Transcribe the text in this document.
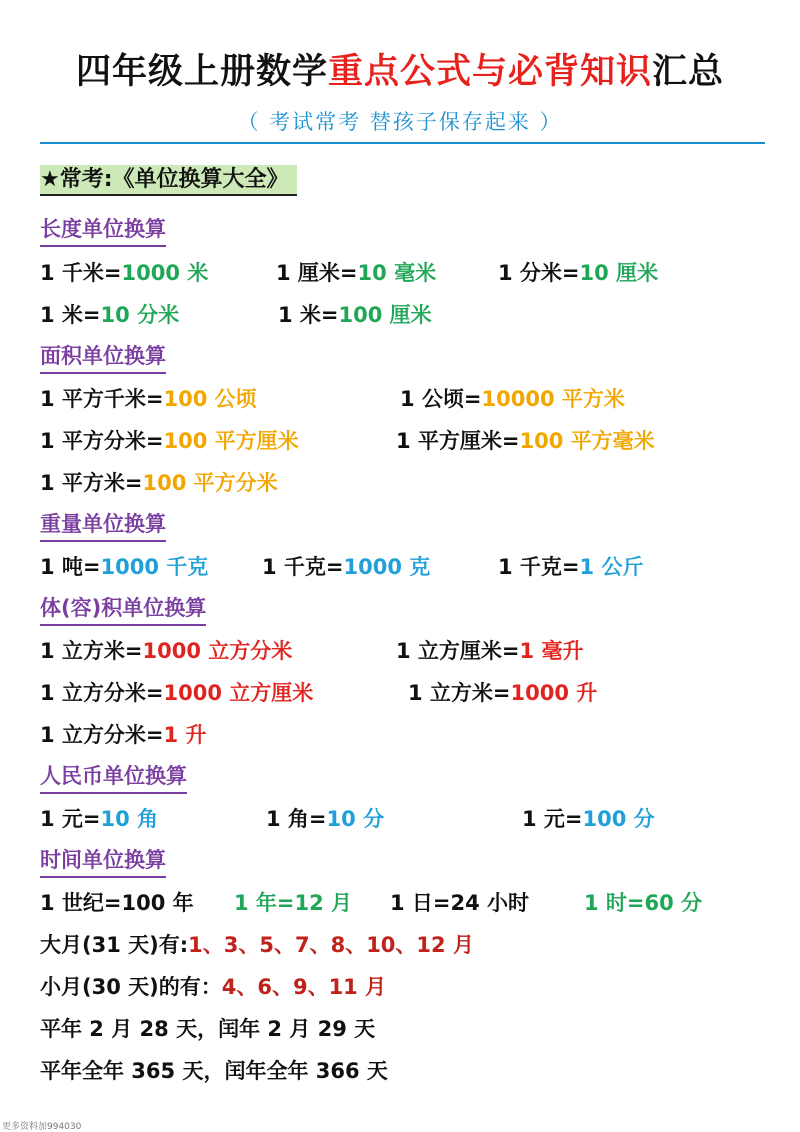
四年级上册数学重点公式与必背知识汇总
（ 考试常考 替孩子保存起来 ）
★常考:《单位换算大全》
长度单位换算
1 千米=1000 米	1 厘米=10 毫米	1 分米=10 厘米
1 米=10 分米	1 米=100 厘米
面积单位换算
1 平方千米=100 公顷	1 公顷=10000 平方米
1 平方分米=100 平方厘米	1 平方厘米=100 平方毫米
1 平方米=100 平方分米
重量单位换算
1 吨=1000 千克	1 千克=1000 克	1 千克=1 公斤
体(容)积单位换算
1 立方米=1000 立方分米	1 立方厘米=1 毫升
1 立方分米=1000 立方厘米	1 立方米=1000 升
1 立方分米=1 升
人民币单位换算
1 元=10 角	1 角=10 分	1 元=100 分
时间单位换算
1 世纪=100 年 1 年=12 月 1 日=24 小时	1 时=60 分
大月(31 天)有:1、3、5、7、8、10、12 月
小月(30 天)的有：4、6、9、11 月
平年 2 月 28 天，闰年 2 月 29 天
平年全年 365 天，闰年全年 366 天
更多资料加994030
